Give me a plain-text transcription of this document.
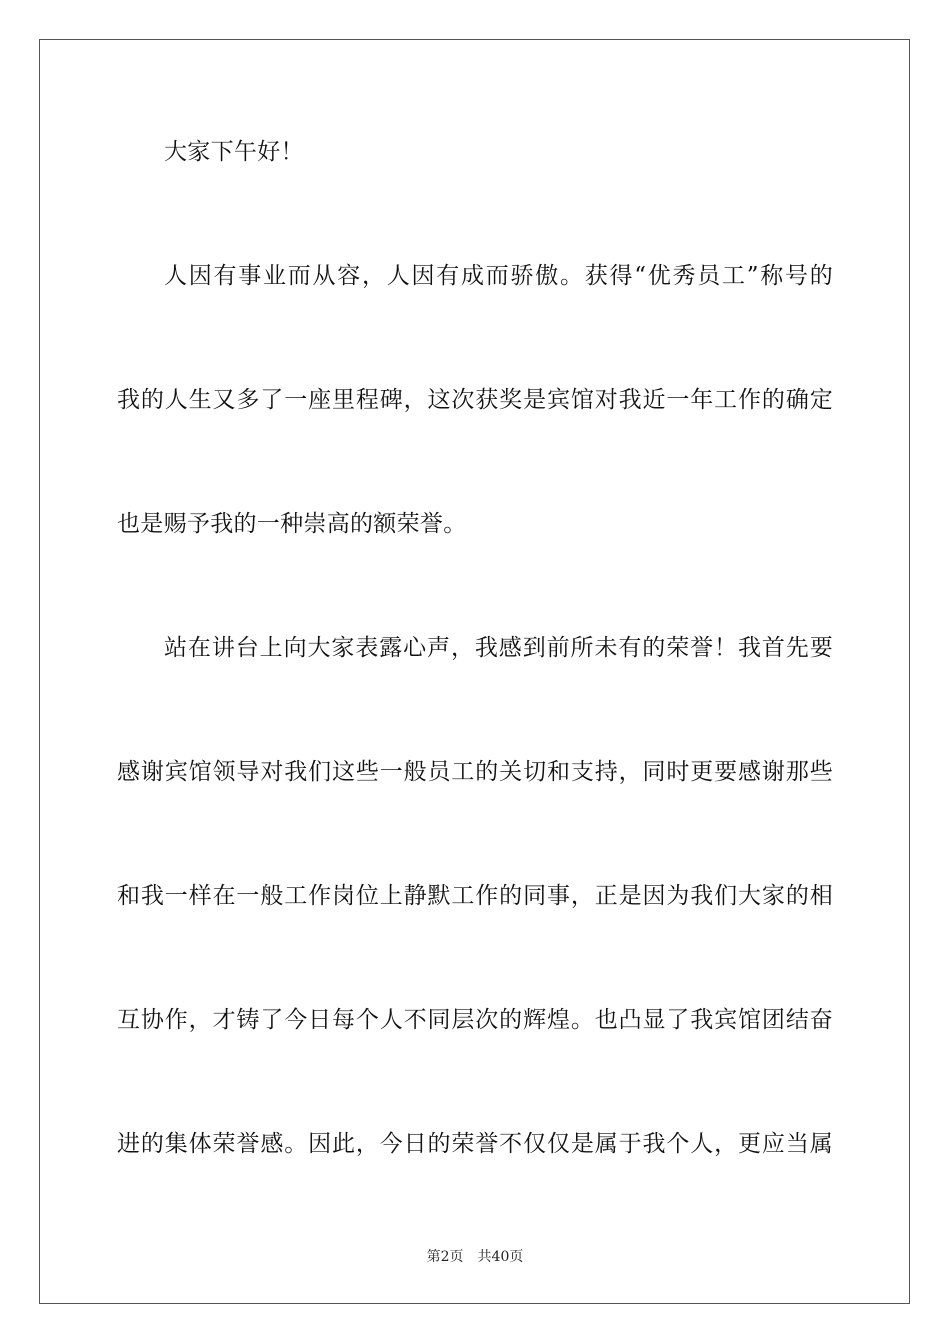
大家下午好！
人因有事业而从容，人因有成而骄傲。获得“优秀员工”称号的
我的人生又多了一座里程碑，这次获奖是宾馆对我近一年工作的确定
也是赐予我的一种崇高的额荣誉。
站在讲台上向大家表露心声，我感到前所未有的荣誉！我首先要
感谢宾馆领导对我们这些一般员工的关切和支持，同时更要感谢那些
和我一样在一般工作岗位上静默工作的同事，正是因为我们大家的相
互协作，才铸了今日每个人不同层次的辉煌。也凸显了我宾馆团结奋
进的集体荣誉感。因此，今日的荣誉不仅仅是属于我个人，更应当属
第2页 共40页
